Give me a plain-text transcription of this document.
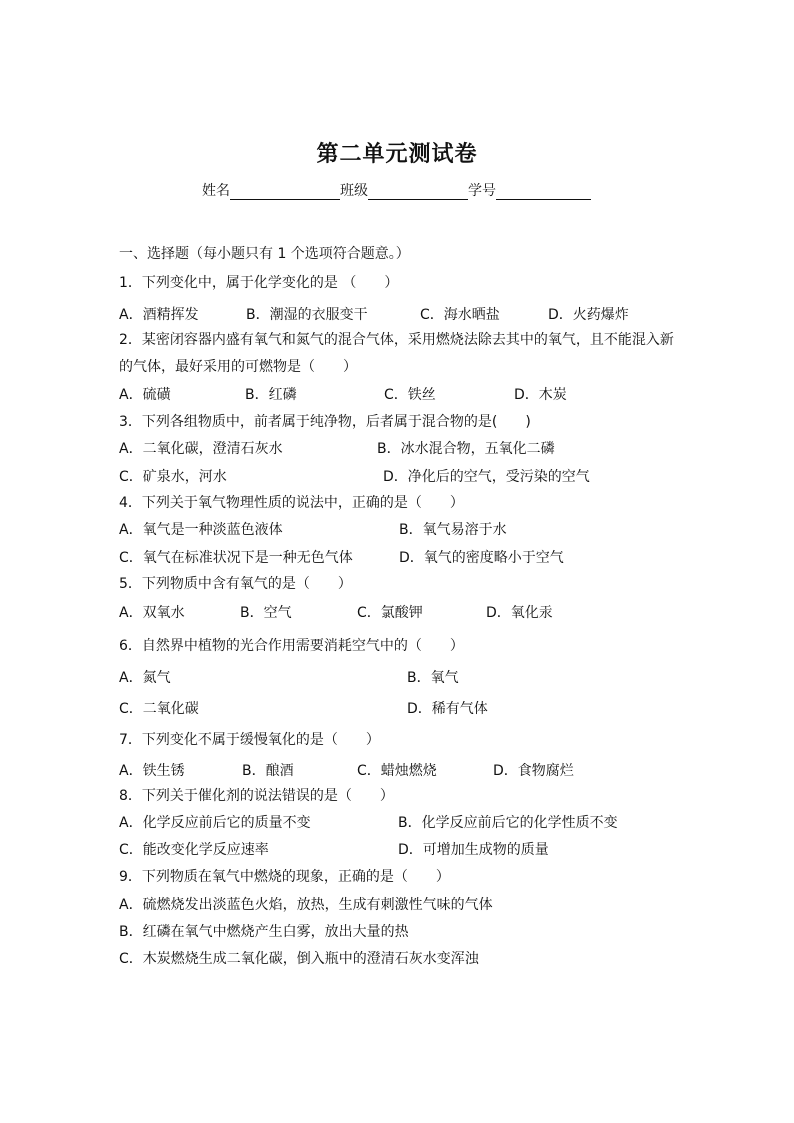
第二单元测试卷
姓名	班级	学号
一、选择题（每小题只有 1 个选项符合题意。）
1．下列变化中，属于化学变化的是 （　　）
A．酒精挥发	B．潮湿的衣服变干	C．海水晒盐	D．火药爆炸
2．某密闭容器内盛有氧气和氮气的混合气体，采用燃烧法除去其中的氧气，且不能混入新
的气体，最好采用的可燃物是（　　）
A．硫磺	B．红磷	C．铁丝	D．木炭
3．下列各组物质中，前者属于纯净物，后者属于混合物的是(　　)
A．二氧化碳，澄清石灰水	B．冰水混合物，五氧化二磷
C．矿泉水，河水	D．净化后的空气，受污染的空气
4．下列关于氧气物理性质的说法中，正确的是（　　）
A．氧气是一种淡蓝色液体	B．氧气易溶于水
C．氧气在标准状况下是一种无色气体	D．氧气的密度略小于空气
5．下列物质中含有氧气的是（　　）
A．双氧水	B．空气	C．氯酸钾	D．氧化汞
6．自然界中植物的光合作用需要消耗空气中的（　　）
A．氮气	B．氧气
C．二氧化碳	D．稀有气体
7．下列变化不属于缓慢氧化的是（　　）
A．铁生锈	B．酿酒	C．蜡烛燃烧	D．食物腐烂
8．下列关于催化剂的说法错误的是（　　）
A．化学反应前后它的质量不变	B．化学反应前后它的化学性质不变
C．能改变化学反应速率	D．可增加生成物的质量
9．下列物质在氧气中燃烧的现象，正确的是（　　）
A．硫燃烧发出淡蓝色火焰，放热，生成有刺激性气味的气体
B．红磷在氧气中燃烧产生白雾，放出大量的热
C．木炭燃烧生成二氧化碳，倒入瓶中的澄清石灰水变浑浊
